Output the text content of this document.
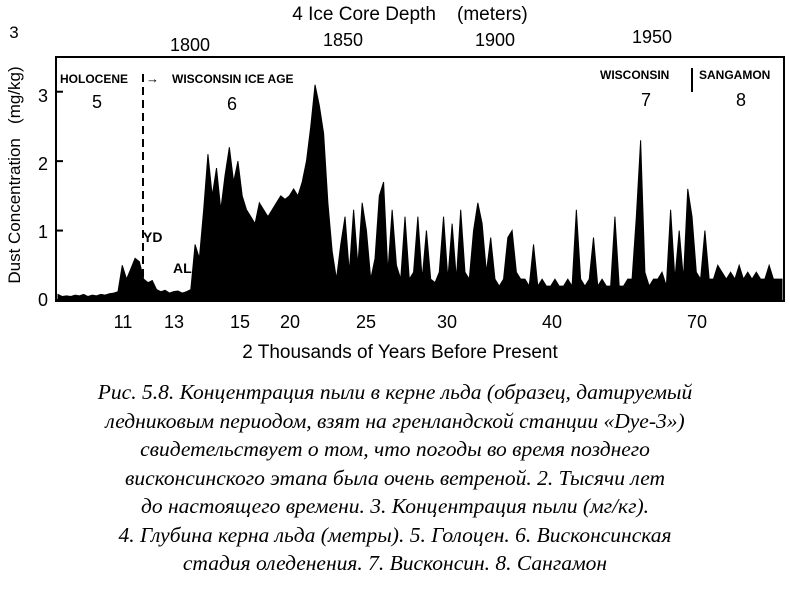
4 Ice Core Depth    (meters)
1800	1850	1900	1950
3
Dust Concentration   (mg/kg)
0
1
2
3
HOLOCENE → WISCONSIN ICE AGE
5	6
WISCONSIN SANGAMON
7	8
YD
AL BO
11 13	15 20	25	30	40	70
2 Thousands of Years Before Present
Рис. 5.8. Концентрация пыли в керне льда (образец, датируемый
ледниковым периодом, взят на гренландской станции «Dye-3»)
свидетельствует о том, что погоды во время позднего
висконсинского этапа была очень ветреной. 2. Тысячи лет
до настоящего времени. 3. Концентрация пыли (мг/кг).
4. Глубина керна льда (метры). 5. Голоцен. 6. Висконсинская
стадия оледенения. 7. Висконсин. 8. Сангамон
